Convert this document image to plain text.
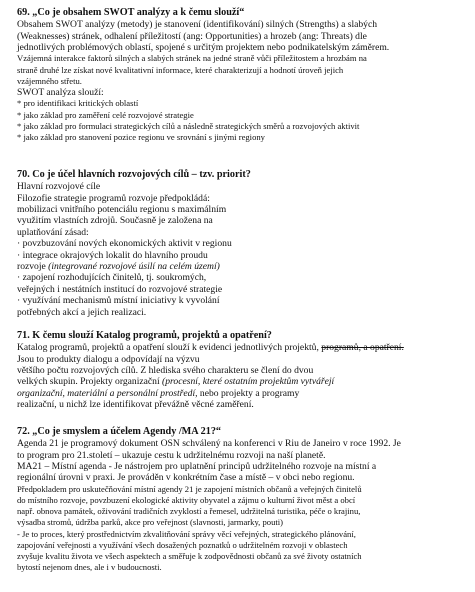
69. „Co je obsahem SWOT analýzy a k čemu slouží“

Obsahem SWOT analýzy (metody) je stanovení (identifikování) silných (Strengths) a slabých

(Weaknesses) stránek, odhalení příležitostí (ang: Opportunities) a hrozeb (ang: Threats) dle

jednotlivých problémových oblastí, spojené s určitým projektem nebo podnikatelským záměrem.

Vzájemná interakce faktorů silných a slabých stránek na jedné straně vůči příležitostem a hrozbám na

straně druhé lze získat nové kvalitativní informace, které charakterizují a hodnotí úroveň jejich

vzájemného střetu.

SWOT analýza slouží:

* pro identifikaci kritických oblastí

* jako základ pro zaměření celé rozvojové strategie

* jako základ pro formulaci strategických cílů a následně strategických směrů a rozvojových aktivit

* jako základ pro stanovení pozice regionu ve srovnání s jinými regiony

70. Co je účel hlavních rozvojových cílů – tzv. priorit?

Hlavní rozvojové cíle

Filozofie strategie programů rozvoje předpokládá:

mobilizaci vnitřního potenciálu regionu s maximálním

využitím vlastních zdrojů. Současně je založena na

uplatňování zásad:

· povzbuzování nových ekonomických aktivit v regionu

· integrace okrajových lokalit do hlavního proudu

rozvoje (integrované rozvojové úsilí na celém území)

· zapojení rozhodujících činitelů, tj. soukromých,

veřejných i nestátních institucí do rozvojové strategie

· využívání mechanismů místní iniciativy k vyvolání

potřebných akcí a jejich realizaci.

71. K čemu slouží Katalog programů, projektů a opatření?

Katalog programů, projektů a opatření slouží k evidenci jednotlivých projektů, programů, a opatření.

Jsou to produkty dialogu a odpovídají na výzvu

většího počtu rozvojových cílů. Z hlediska svého charakteru se člení do dvou

velkých skupin. Projekty organizační (procesní, které ostatním projektům vytvářejí

organizační, materiální a personální prostředí, nebo projekty a programy

realizační, u nichž lze identifikovat převážně věcné zaměření.

72. „Co je smyslem a účelem Agendy /MA 21?“

Agenda 21 je programový dokument OSN schválený na konferenci v Riu de Janeiro v roce 1992. Je

to program pro 21.století – ukazuje cestu k udržitelnému rozvoji na naší planetě.

MA21 – Místní agenda - Je nástrojem pro uplatnění principů udržitelného rozvoje na místní a

regionální úrovni v praxi. Je prováděn v konkrétním čase a místě – v obci nebo regionu.

Předpokladem pro uskutečňování místní agendy 21 je zapojení místních občanů a veřejných činitelů

do místního rozvoje, povzbuzení ekologické aktivity obyvatel a zájmu o kulturní život měst a obcí

např. obnova památek, oživování tradičních zvyklostí a řemesel, udržitelná turistika, péče o krajinu,

výsadba stromů, údržba parků, akce pro veřejnost (slavnosti, jarmarky, pouti)

- Je to proces, který prostřednictvím zkvalitňování správy věcí veřejných, strategického plánování,

zapojování veřejnosti a využívání všech dosažených poznatků o udržitelném rozvoji v oblastech

zvyšuje kvalitu života ve všech aspektech a směřuje k zodpovědnosti občanů za své životy ostatních

bytostí nejenom dnes, ale i v budoucnosti.
